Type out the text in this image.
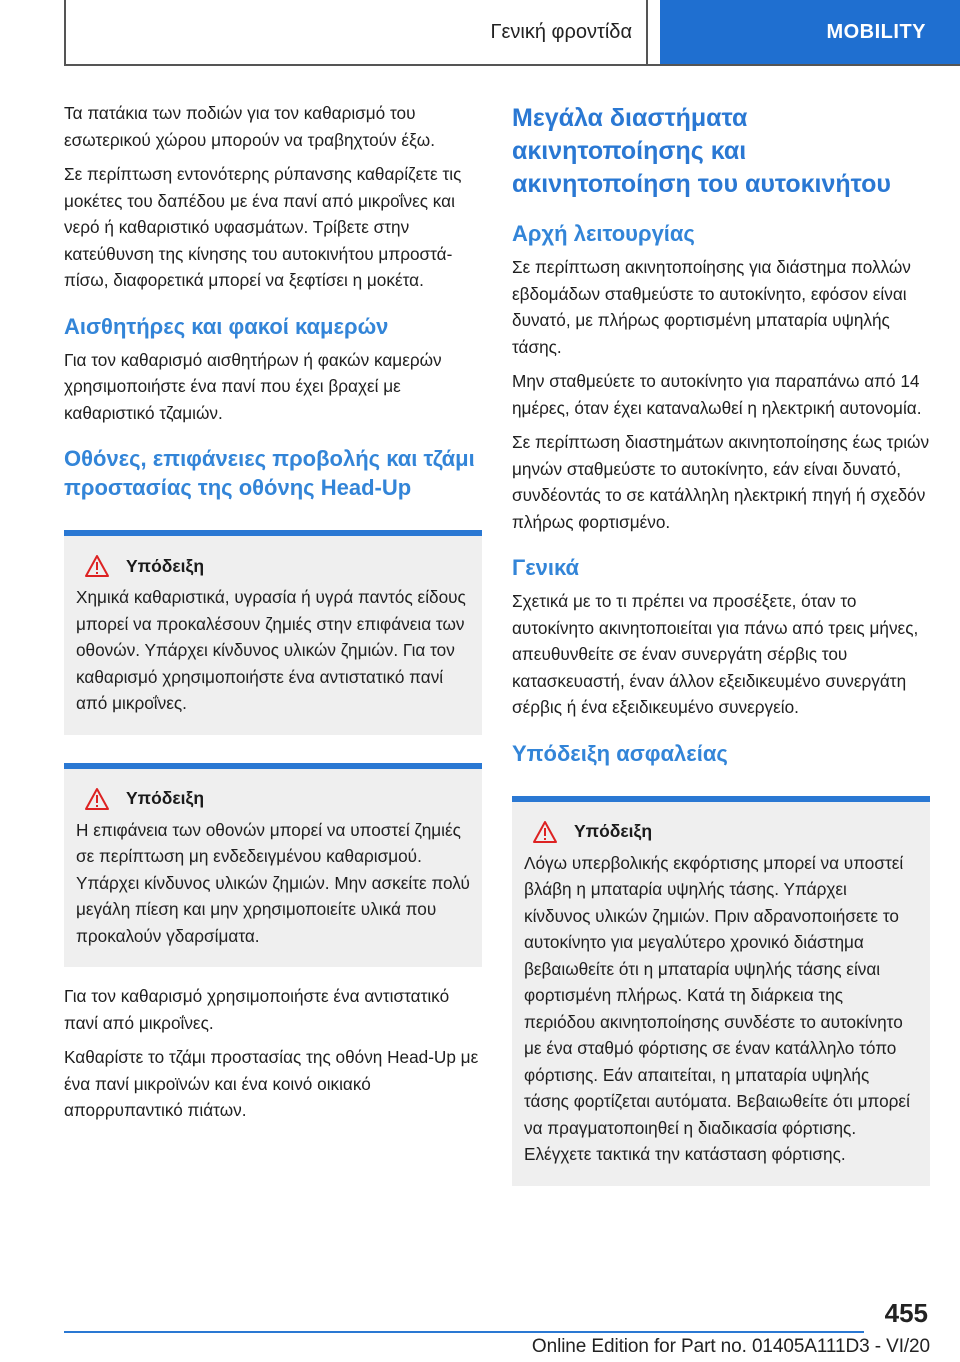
Γενική φροντίδα	MOBILITY

Τα πατάκια των ποδιών για τον καθαρισμό του εσωτερικού χώρου μπορούν να τραβηχτούν έξω.

Σε περίπτωση εντονότερης ρύπανσης καθαρίζετε τις μοκέτες του δαπέδου με ένα πανί από μικροΐνες και νερό ή καθαριστικό υφασμάτων. Τρίβετε στην κατεύθυνση της κίνησης του αυτοκινήτου μπροστά-πίσω, διαφορετικά μπορεί να ξεφτίσει η μοκέτα.

Αισθητήρες και φακοί καμερών

Για τον καθαρισμό αισθητήρων ή φακών καμερών χρησιμοποιήστε ένα πανί που έχει βραχεί με καθαριστικό τζαμιών.

Οθόνες, επιφάνειες προβολής και τζάμι προστασίας της οθόνης Head-Up
Υπόδειξη

Χημικά καθαριστικά, υγρασία ή υγρά παντός είδους μπορεί να προκαλέσουν ζημιές στην επιφάνεια των οθονών. Υπάρχει κίνδυνος υλικών ζημιών. Για τον καθαρισμό χρησιμοποιήστε ένα αντιστατικό πανί από μικροΐνες.

Υπόδειξη

Η επιφάνεια των οθονών μπορεί να υποστεί ζημιές σε περίπτωση μη ενδεδειγμένου καθαρισμού. Υπάρχει κίνδυνος υλικών ζημιών. Μην ασκείτε πολύ μεγάλη πίεση και μην χρησιμοποιείτε υλικά που προκαλούν γδαρσίματα.

Για τον καθαρισμό χρησιμοποιήστε ένα αντιστατικό πανί από μικροΐνες.

Καθαρίστε το τζάμι προστασίας της οθόνη Head-Up με ένα πανί μικροϊνών και ένα κοινό οικιακό απορρυπαντικό πιάτων.

Μεγάλα διαστήματα ακινητοποίησης και ακινητοποίηση του αυτοκινήτου
Αρχή λειτουργίας

Σε περίπτωση ακινητοποίησης για διάστημα πολλών εβδομάδων σταθμεύστε το αυτοκίνητο, εφόσον είναι δυνατό, με πλήρως φορτισμένη μπαταρία υψηλής τάσης.

Μην σταθμεύετε το αυτοκίνητο για παραπάνω από 14 ημέρες, όταν έχει καταναλωθεί η ηλεκτρική αυτονομία.

Σε περίπτωση διαστημάτων ακινητοποίησης έως τριών μηνών σταθμεύστε το αυτοκίνητο, εάν είναι δυνατό, συνδέοντάς το σε κατάλληλη ηλεκτρική πηγή ή σχεδόν πλήρως φορτισμένο.

Γενικά

Σχετικά με το τι πρέπει να προσέξετε, όταν το αυτοκίνητο ακινητοποιείται για πάνω από τρεις μήνες, απευθυνθείτε σε έναν συνεργάτη σέρβις του κατασκευαστή, έναν άλλον εξειδικευμένο συνεργάτη σέρβις ή ένα εξειδικευμένο συνεργείο.

Υπόδειξη ασφαλείας
Υπόδειξη

Λόγω υπερβολικής εκφόρτισης μπορεί να υποστεί βλάβη η μπαταρία υψηλής τάσης. Υπάρχει κίνδυνος υλικών ζημιών. Πριν αδρανοποιήσετε το αυτοκίνητο για μεγαλύτερο χρονικό διάστημα βεβαιωθείτε ότι η μπαταρία υψηλής τάσης είναι φορτισμένη πλήρως. Κατά τη διάρκεια της περιόδου ακινητοποίησης συνδέστε το αυτοκίνητο με ένα σταθμό φόρτισης σε έναν κατάλληλο τόπο φόρτισης. Εάν απαιτείται, η μπαταρία υψηλής τάσης φορτίζεται αυτόματα. Βεβαιωθείτε ότι μπορεί να πραγματοποιηθεί η διαδικασία φόρτισης. Ελέγχετε τακτικά την κατάσταση φόρτισης.

455
Online Edition for Part no. 01405A111D3 - VI/20
